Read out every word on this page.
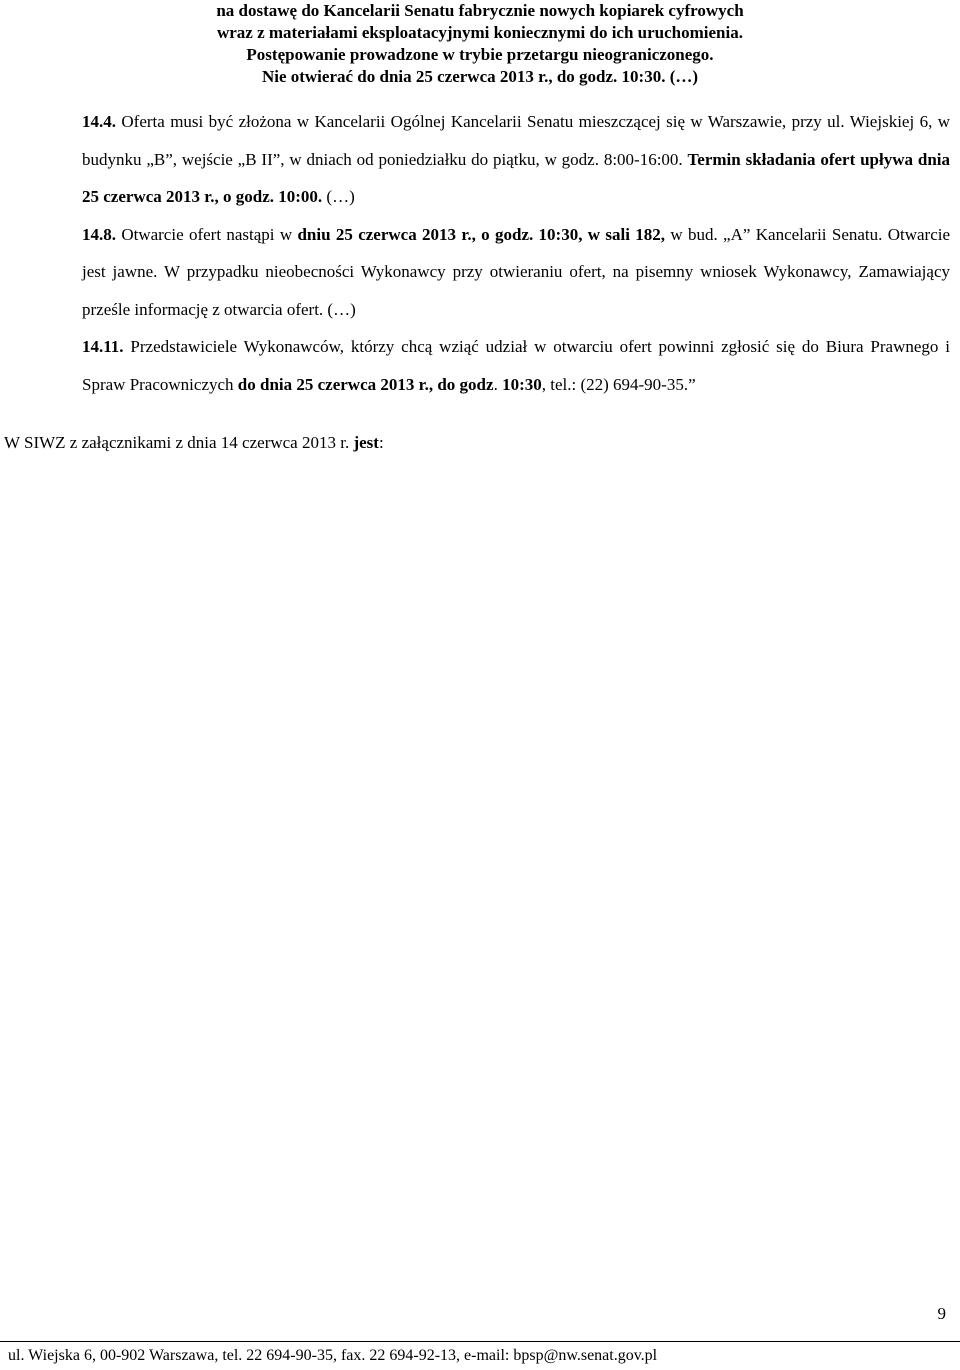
na dostawę do Kancelarii Senatu fabrycznie nowych kopiarek cyfrowych
wraz z materiałami eksploatacyjnymi koniecznymi do ich uruchomienia.
Postępowanie prowadzone w trybie przetargu nieograniczonego.
Nie otwierać do dnia 25 czerwca 2013 r., do godz. 10:30. (…)

14.4. Oferta musi być złożona w Kancelarii Ogólnej Kancelarii Senatu mieszczącej się w Warszawie, przy ul. Wiejskiej 6, w budynku „B”, wejście „B II”, w dniach od poniedziałku do piątku, w godz. 8:00-16:00. Termin składania ofert upływa dnia 25 czerwca 2013 r., o godz. 10:00. (…)

14.8. Otwarcie ofert nastąpi w dniu 25 czerwca 2013 r., o godz. 10:30, w sali 182, w bud. „A” Kancelarii Senatu. Otwarcie jest jawne. W przypadku nieobecności Wykonawcy przy otwieraniu ofert, na pisemny wniosek Wykonawcy, Zamawiający prześle informację z otwarcia ofert. (…)

14.11. Przedstawiciele Wykonawców, którzy chcą wziąć udział w otwarciu ofert powinni zgłosić się do Biura Prawnego i Spraw Pracowniczych do dnia 25 czerwca 2013 r., do godz. 10:30, tel.: (22) 694-90-35.”

W SIWZ z załącznikami z dnia 14 czerwca 2013 r. jest:
9
ul. Wiejska 6, 00-902 Warszawa, tel. 22 694-90-35, fax. 22 694-92-13, e-mail: bpsp@nw.senat.gov.pl
